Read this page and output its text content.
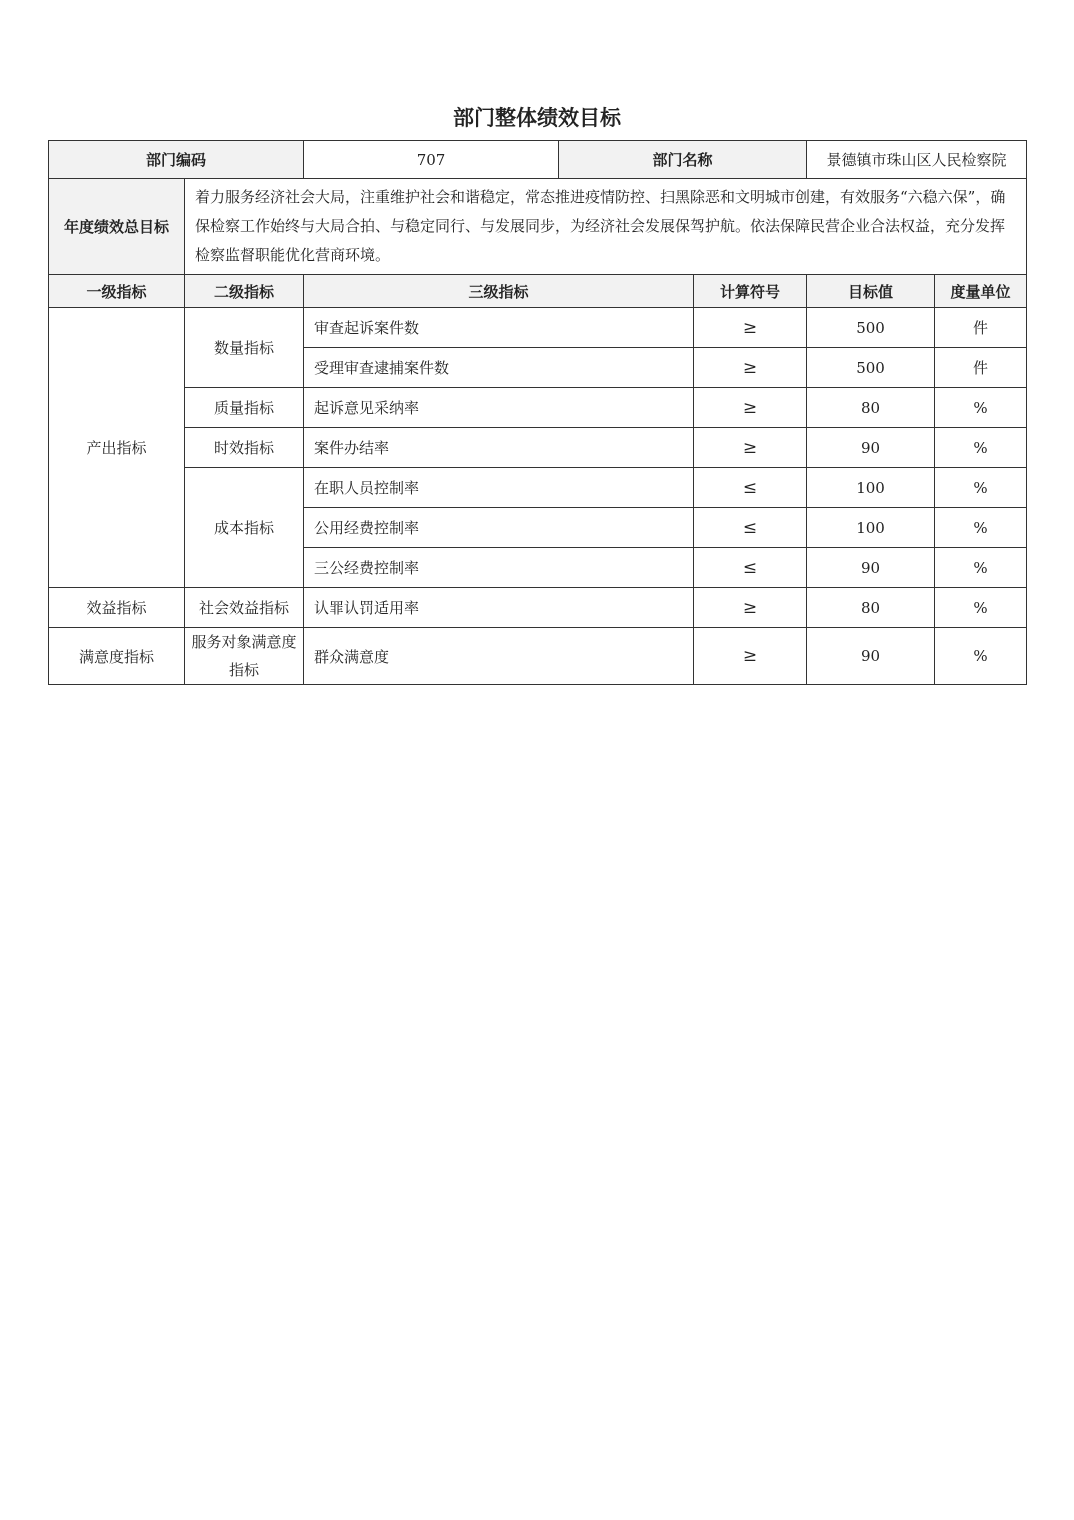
部门整体绩效目标
部门编码		707	部门名称		景德镇市珠山区人民检察院	
年度绩效总目标	着力服务经济社会大局，注重维护社会和谐稳定，常态推进疫情防控、扫黑除恶和文明城市创建，有效服务“六稳六保”，确保检察工作始终与大局合拍、与稳定同行、与发展同步，为经济社会发展保驾护航。依法保障民营企业合法权益，充分发挥检察监督职能优化营商环境。					
一级指标	二级指标	三级指标		计算符号	目标值	度量单位
产出指标	数量指标	审查起诉案件数		≥	500	件
		受理审查逮捕案件数		≥	500	件
	质量指标	起诉意见采纳率		≥	80	%
	时效指标	案件办结率		≥	90	%
	成本指标	在职人员控制率		≤	100	%
		公用经费控制率		≤	100	%
		三公经费控制率		≤	90	%
效益指标	社会效益指标	认罪认罚适用率		≥	80	%
满意度指标	服务对象满意度指标	群众满意度		≥	90	%
